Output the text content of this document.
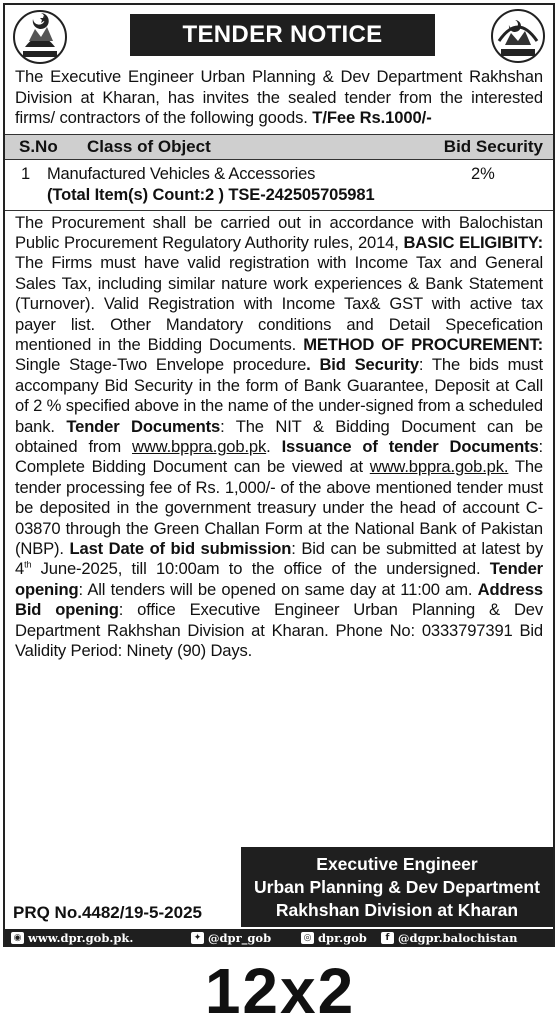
TENDER NOTICE
The Executive Engineer Urban Planning & Dev Department Rakhshan Division at Kharan, has invites the sealed tender from the interested firms/ contractors of the following goods. T/Fee Rs.1000/-
S.No Class of Object	Bid Security
1 Manufactured Vehicles & Accessories	2%
(Total Item(s) Count:2 ) TSE-242505705981
The Procurement shall be carried out in accordance with Balochistan Public Procurement Regulatory Authority rules, 2014, BASIC ELIGIBITY: The Firms must have valid registration with Income Tax and General Sales Tax, including similar nature work experiences & Bank Statement (Turnover). Valid Registration with Income Tax& GST with active tax payer list. Other Mandatory conditions and Detail Specefication mentioned in the Bidding Documents. METHOD OF PROCUREMENT: Single Stage-Two Envelope procedure. Bid Security: The bids must accompany Bid Security in the form of Bank Guarantee, Deposit at Call of 2 % specified above in the name of the under-signed from a scheduled bank. Tender Documents: The NIT & Bidding Document can be obtained from www.bppra.gob.pk. Issuance of tender Documents: Complete Bidding Document can be viewed at www.bppra.gob.pk. The tender processing fee of Rs. 1,000/- of the above mentioned tender must be deposited in the government treasury under the head of account C-03870 through the Green Challan Form at the National Bank of Pakistan (NBP). Last Date of bid submission: Bid can be submitted at latest by 4th June-2025, till 10:00am to the office of the undersigned. Tender opening: All tenders will be opened on same day at 11:00 am. Address Bid opening: office Executive Engineer Urban Planning & Dev Department Rakhshan Division at Kharan. Phone No: 0333797391 Bid Validity Period: Ninety (90) Days.
Executive Engineer
Urban Planning & Dev Department
Rakhshan Division at Kharan
PRQ No.4482/19-5-2025
◉ www.dpr.gob.pk.	✦ @dpr_gob	◎ dpr.gob	f @dgpr.balochistan
12x2
